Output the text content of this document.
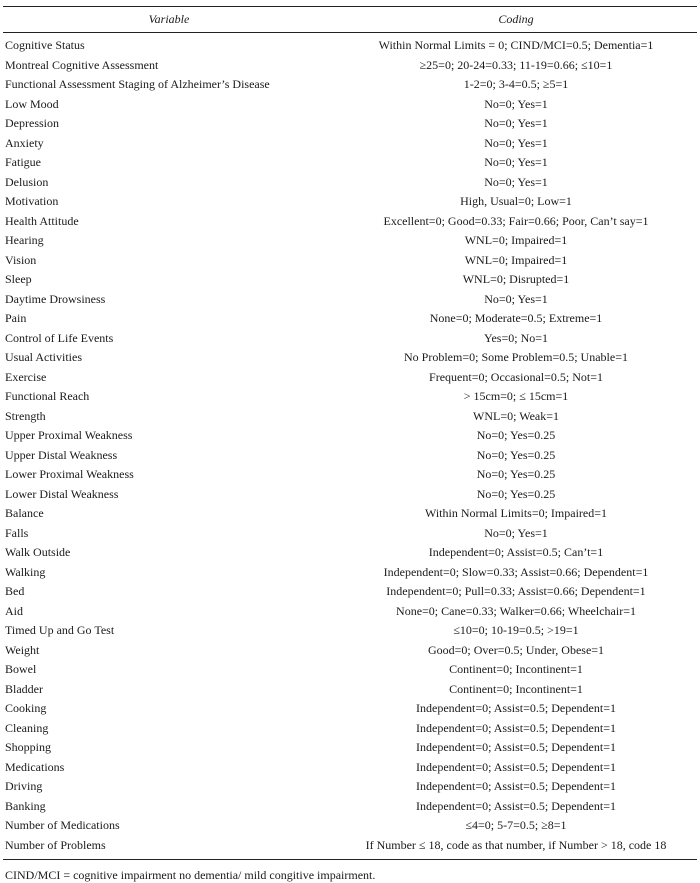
Variable	Coding
Cognitive Status	Within Normal Limits = 0; CIND/MCI=0.5; Dementia=1
Montreal Cognitive Assessment	≥25=0; 20-24=0.33; 11-19=0.66; ≤10=1
Functional Assessment Staging of Alzheimer’s Disease	1-2=0; 3-4=0.5; ≥5=1
Low Mood	No=0; Yes=1
Depression	No=0; Yes=1
Anxiety	No=0; Yes=1
Fatigue	No=0; Yes=1
Delusion	No=0; Yes=1
Motivation	High, Usual=0; Low=1
Health Attitude	Excellent=0; Good=0.33; Fair=0.66; Poor, Can’t say=1
Hearing	WNL=0; Impaired=1
Vision	WNL=0; Impaired=1
Sleep	WNL=0; Disrupted=1
Daytime Drowsiness	No=0; Yes=1
Pain	None=0; Moderate=0.5; Extreme=1
Control of Life Events	Yes=0; No=1
Usual Activities	No Problem=0; Some Problem=0.5; Unable=1
Exercise	Frequent=0; Occasional=0.5; Not=1
Functional Reach	> 15cm=0; ≤ 15cm=1
Strength	WNL=0; Weak=1
Upper Proximal Weakness	No=0; Yes=0.25
Upper Distal Weakness	No=0; Yes=0.25
Lower Proximal Weakness	No=0; Yes=0.25
Lower Distal Weakness	No=0; Yes=0.25
Balance	Within Normal Limits=0; Impaired=1
Falls	No=0; Yes=1
Walk Outside	Independent=0; Assist=0.5; Can’t=1
Walking	Independent=0; Slow=0.33; Assist=0.66; Dependent=1
Bed	Independent=0; Pull=0.33; Assist=0.66; Dependent=1
Aid	None=0; Cane=0.33; Walker=0.66; Wheelchair=1
Timed Up and Go Test	≤10=0; 10-19=0.5; >19=1
Weight	Good=0; Over=0.5; Under, Obese=1
Bowel	Continent=0; Incontinent=1
Bladder	Continent=0; Incontinent=1
Cooking	Independent=0; Assist=0.5; Dependent=1
Cleaning	Independent=0; Assist=0.5; Dependent=1
Shopping	Independent=0; Assist=0.5; Dependent=1
Medications	Independent=0; Assist=0.5; Dependent=1
Driving	Independent=0; Assist=0.5; Dependent=1
Banking	Independent=0; Assist=0.5; Dependent=1
Number of Medications	≤4=0; 5-7=0.5; ≥8=1
Number of Problems	If Number ≤ 18, code as that number, if Number > 18, code 18
CIND/MCI = cognitive impairment no dementia/ mild congitive impairment.
